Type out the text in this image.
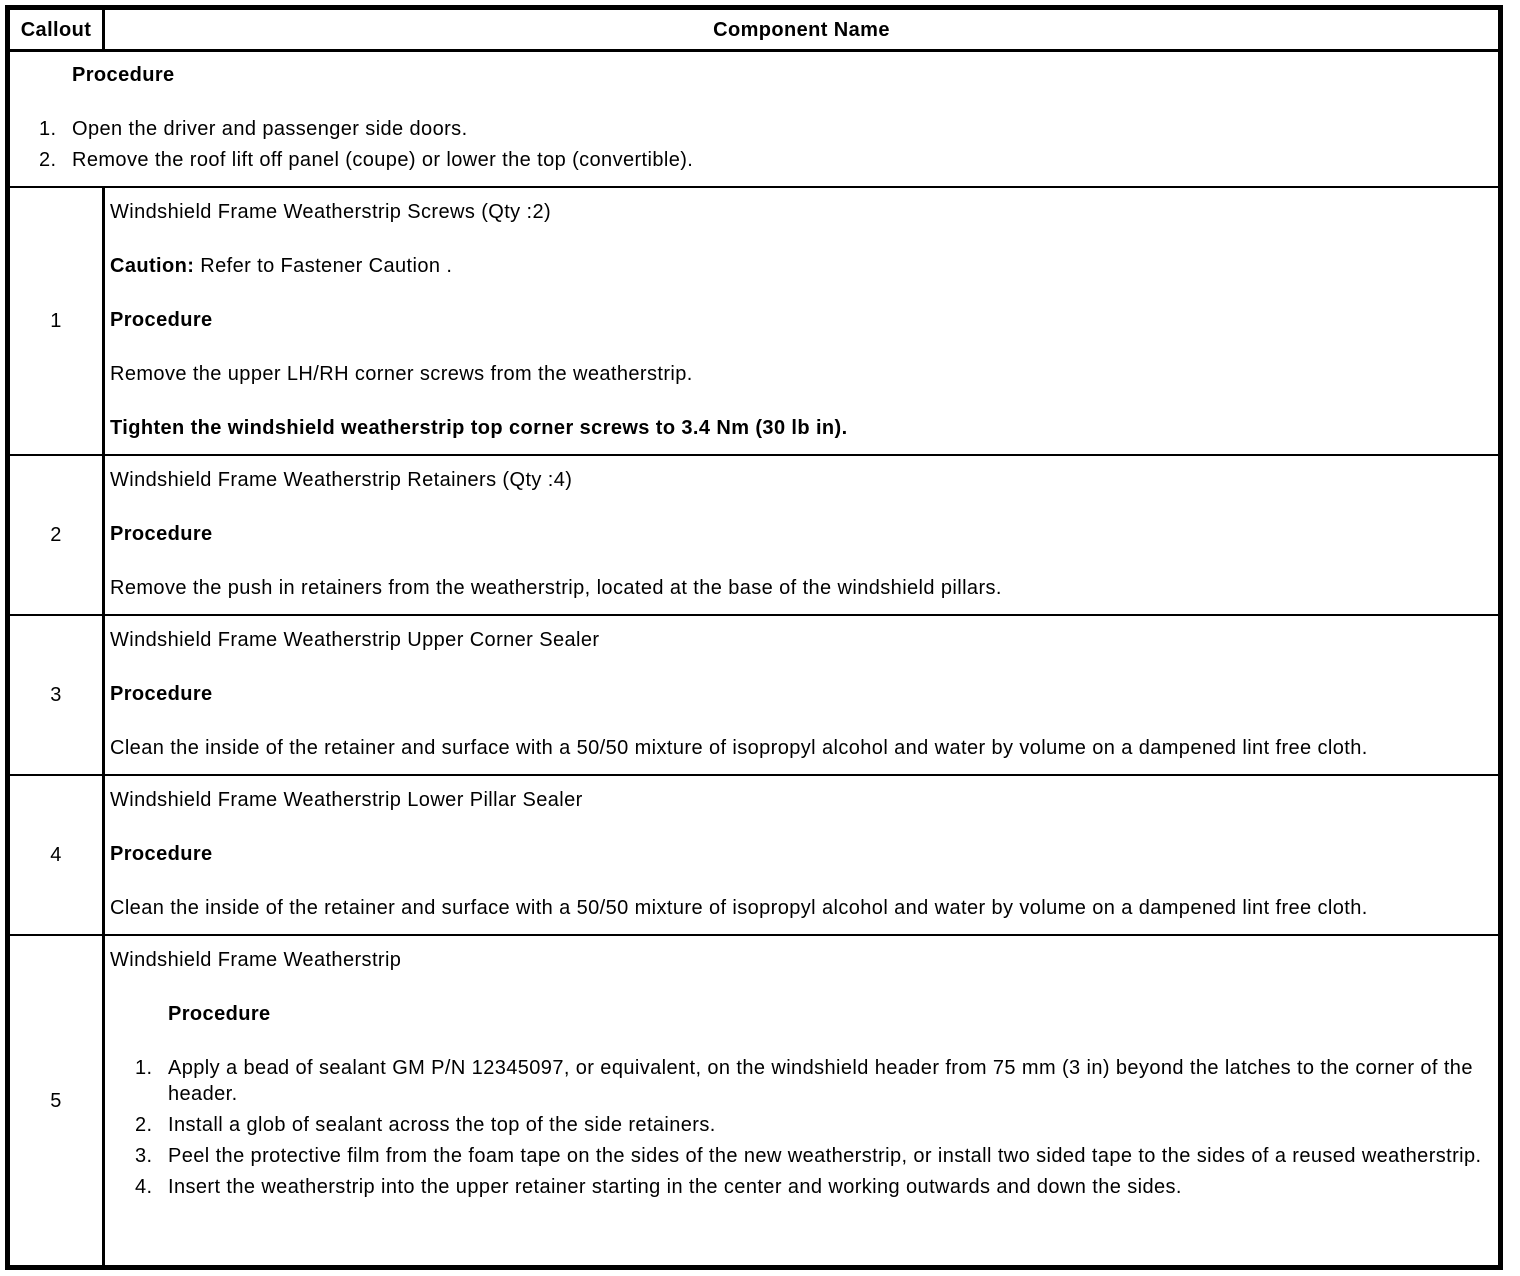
Callout	Component Name

Procedure

Open the driver and passenger side doors.
Remove the roof lift off panel (coupe) or lower the top (convertible).
1

Windshield Frame Weatherstrip Screws (Qty :2)

Caution: Refer to Fastener Caution .

Procedure

Remove the upper LH/RH corner screws from the weatherstrip.

Tighten the windshield weatherstrip top corner screws to 3.4 Nm (30 lb in).

2

Windshield Frame Weatherstrip Retainers (Qty :4)

Procedure

Remove the push in retainers from the weatherstrip, located at the base of the windshield pillars.

3

Windshield Frame Weatherstrip Upper Corner Sealer

Procedure

Clean the inside of the retainer and surface with a 50/50 mixture of isopropyl alcohol and water by volume on a dampened lint free cloth.

4

Windshield Frame Weatherstrip Lower Pillar Sealer

Procedure

Clean the inside of the retainer and surface with a 50/50 mixture of isopropyl alcohol and water by volume on a dampened lint free cloth.

5

Windshield Frame Weatherstrip

Procedure

Apply a bead of sealant GM P/N 12345097, or equivalent, on the windshield header from 75 mm (3 in) beyond the latches to the corner of the header.
Install a glob of sealant across the top of the side retainers.
Peel the protective film from the foam tape on the sides of the new weatherstrip, or install two sided tape to the sides of a reused weatherstrip.
Insert the weatherstrip into the upper retainer starting in the center and working outwards and down the sides.
